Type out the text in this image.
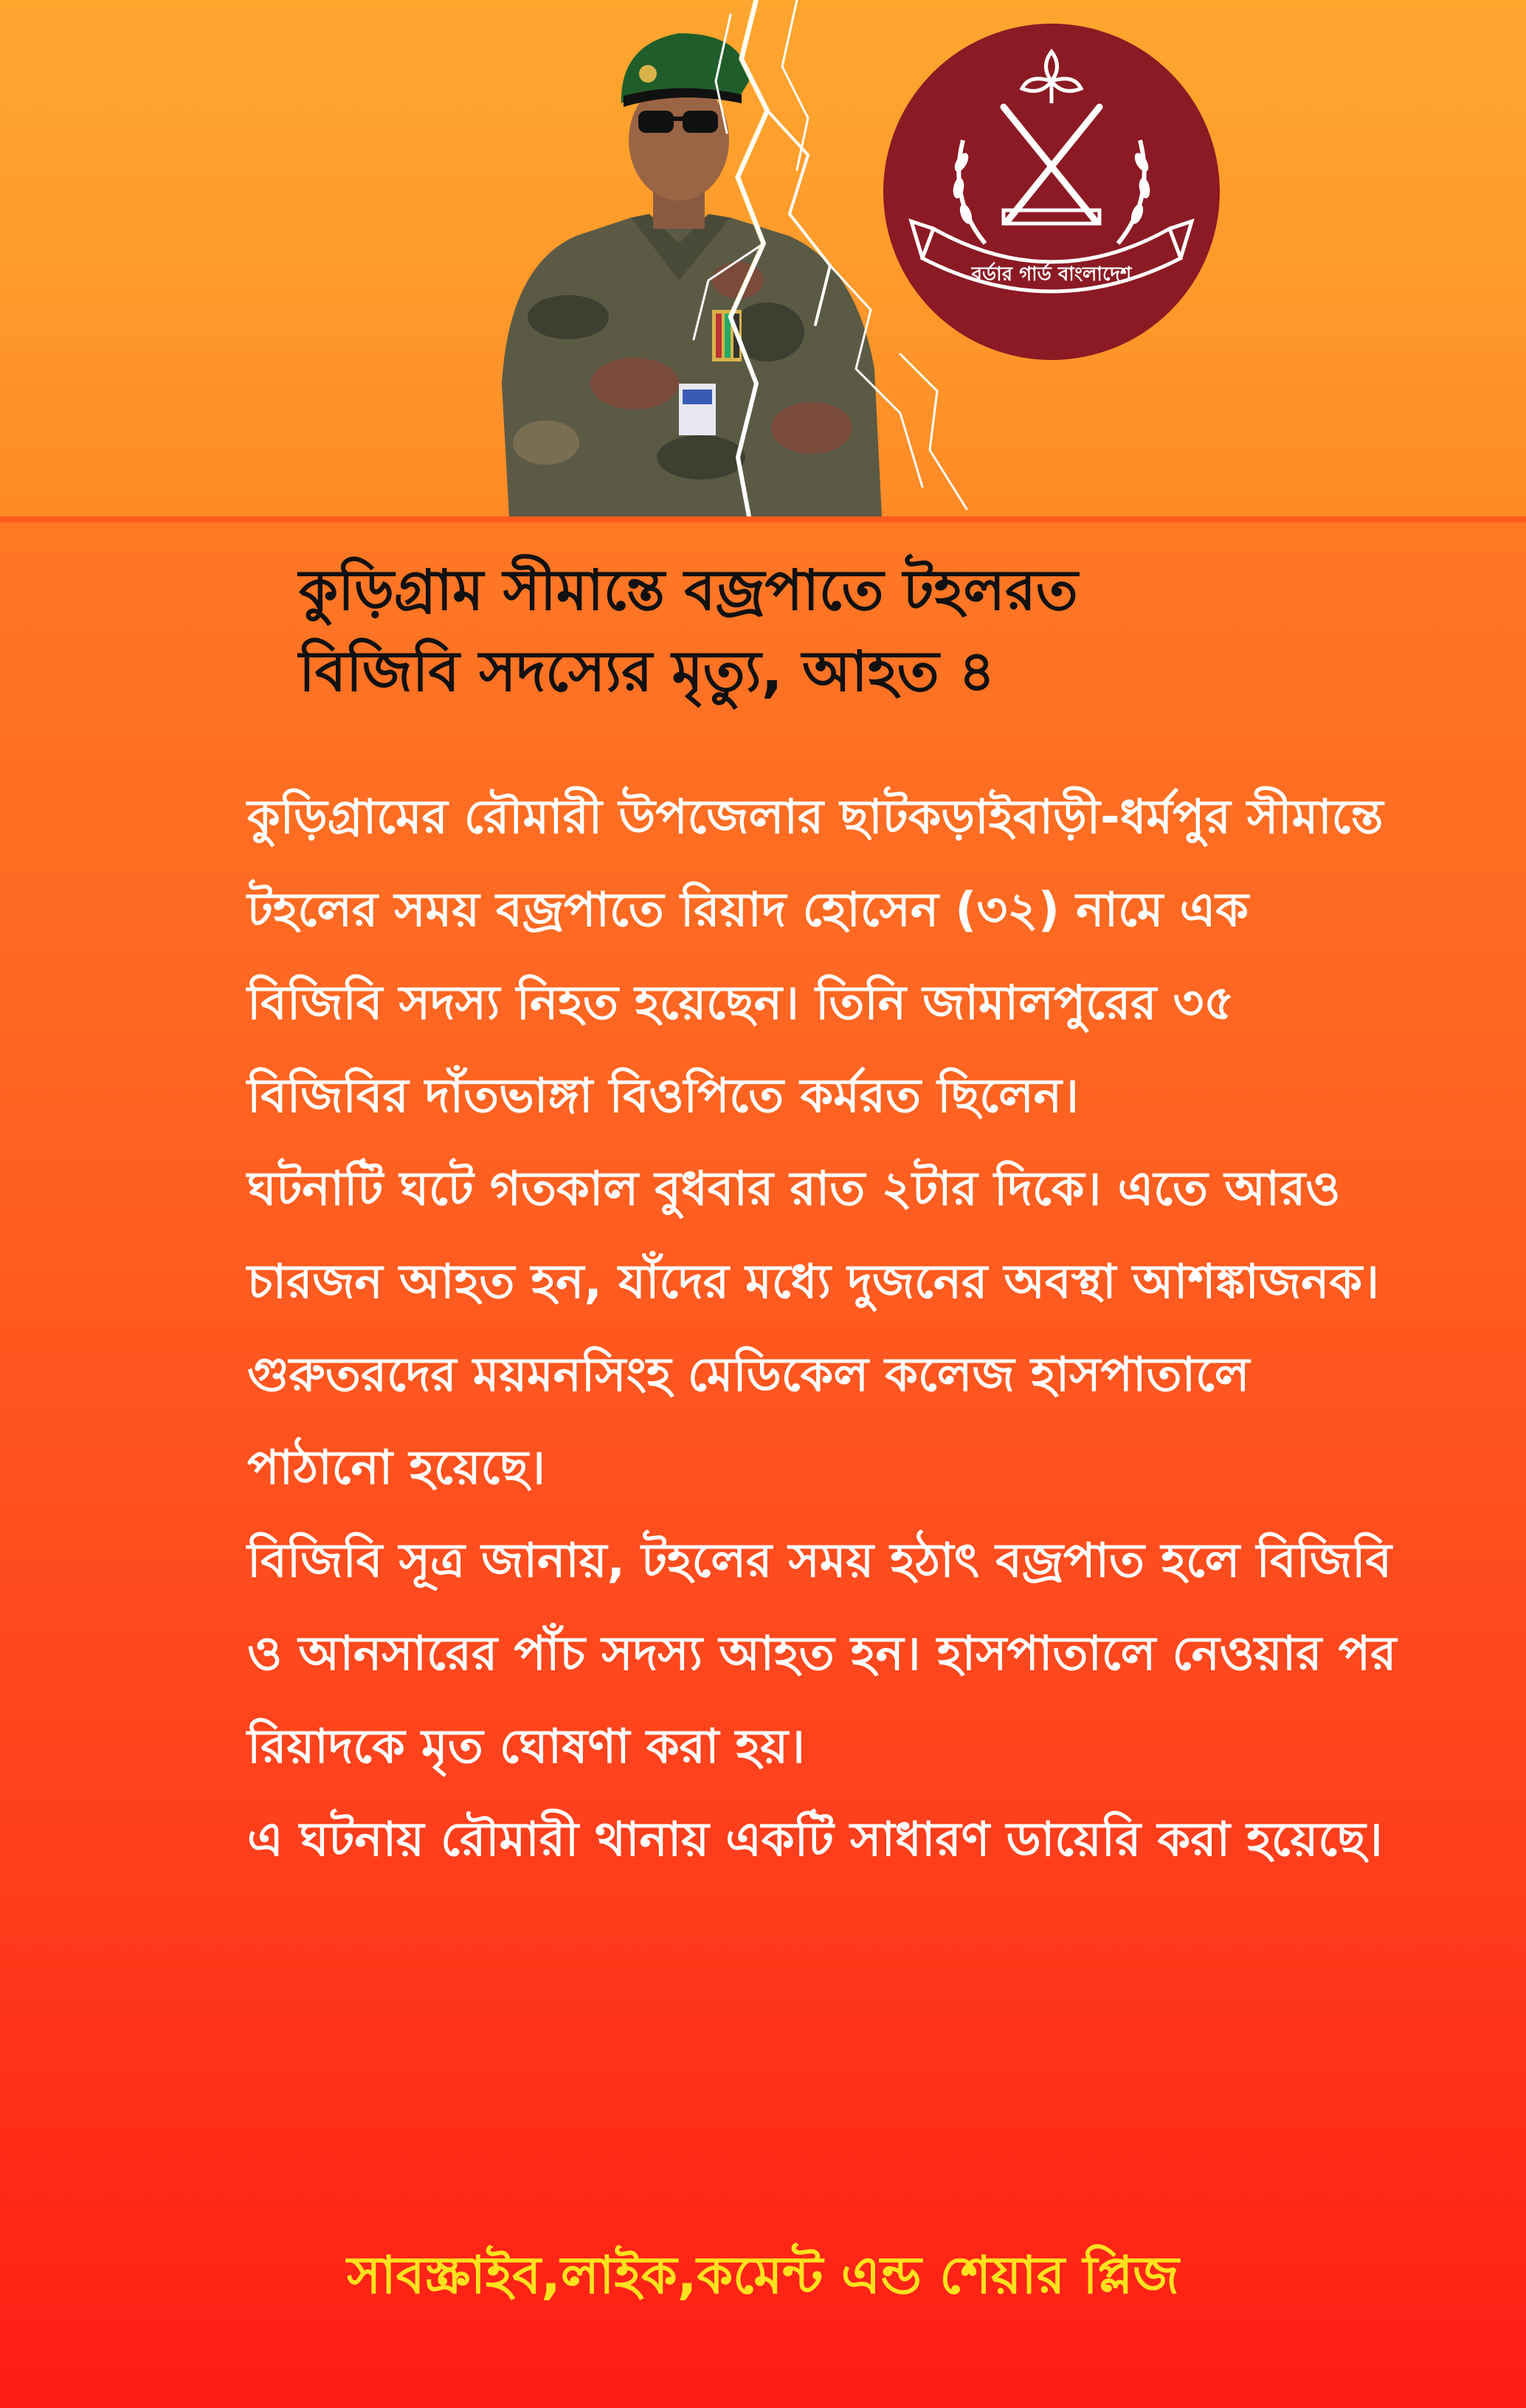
বর্ডার গার্ড বাংলাদেশ
কুড়িগ্রাম সীমান্তে বজ্রপাতে টহলরত
বিজিবি সদস্যের মৃত্যু, আহত ৪

কুড়িগ্রামের রৌমারী উপজেলার ছাটকড়াইবাড়ী-ধর্মপুর সীমান্তে টহলের সময় বজ্রপাতে রিয়াদ হোসেন (৩২) নামে এক বিজিবি সদস্য নিহত হয়েছেন। তিনি জামালপুরের ৩৫ বিজিবির দাঁতভাঙ্গা বিওপিতে কর্মরত ছিলেন।

ঘটনাটি ঘটে গতকাল বুধবার রাত ২টার দিকে। এতে আরও চারজন আহত হন, যাঁদের মধ্যে দুজনের অবস্থা আশঙ্কাজনক। গুরুতরদের ময়মনসিংহ মেডিকেল কলেজ হাসপাতালে পাঠানো হয়েছে।

বিজিবি সূত্র জানায়, টহলের সময় হঠাৎ বজ্রপাত হলে বিজিবি ও আনসারের পাঁচ সদস্য আহত হন। হাসপাতালে নেওয়ার পর রিয়াদকে মৃত ঘোষণা করা হয়।

এ ঘটনায় রৌমারী থানায় একটি সাধারণ ডায়েরি করা হয়েছে।

সাবস্ক্রাইব,লাইক,কমেন্ট এন্ড শেয়ার প্লিজ
